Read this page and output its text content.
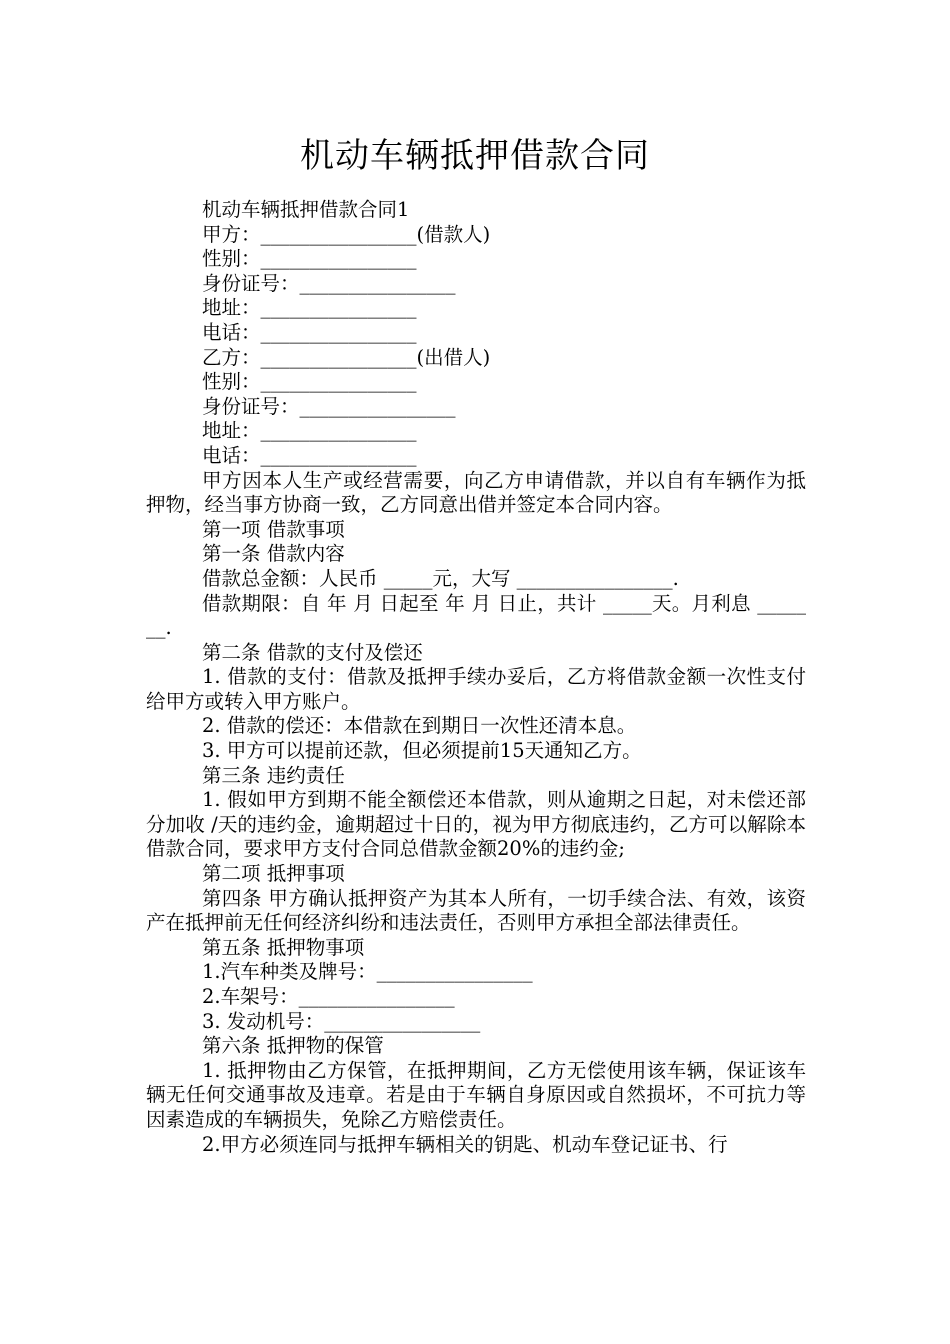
机动车辆抵押借款合同

机动车辆抵押借款合同1

甲方：________________(借款人)

性别：________________

身份证号：________________

地址：________________

电话：________________

乙方：________________(出借人)

性别：________________

身份证号：________________

地址：________________

电话：________________

甲方因本人生产或经营需要，向乙方申请借款，并以自有车辆作为抵押物，经当事方协商一致，乙方同意出借并签定本合同内容。

第一项 借款事项

第一条 借款内容

借款总金额：人民币 _____元，大写 ________________.

借款期限：自 年 月 日起至 年 月 日止，共计 _____天。月利息 _______.

第二条 借款的支付及偿还

1. 借款的支付：借款及抵押手续办妥后，乙方将借款金额一次性支付给甲方或转入甲方账户。

2. 借款的偿还：本借款在到期日一次性还清本息。

3. 甲方可以提前还款，但必须提前15天通知乙方。

第三条 违约责任

1. 假如甲方到期不能全额偿还本借款，则从逾期之日起，对未偿还部分加收 /天的违约金，逾期超过十日的，视为甲方彻底违约，乙方可以解除本借款合同，要求甲方支付合同总借款金额20%的违约金;

第二项 抵押事项

第四条 甲方确认抵押资产为其本人所有，一切手续合法、有效，该资产在抵押前无任何经济纠纷和违法责任，否则甲方承担全部法律责任。

第五条 抵押物事项

1.汽车种类及牌号：________________

2.车架号：________________

3. 发动机号：________________

第六条 抵押物的保管

1. 抵押物由乙方保管，在抵押期间，乙方无偿使用该车辆，保证该车辆无任何交通事故及违章。若是由于车辆自身原因或自然损坏，不可抗力等因素造成的车辆损失，免除乙方赔偿责任。

2.甲方必须连同与抵押车辆相关的钥匙、机动车登记证书、行
